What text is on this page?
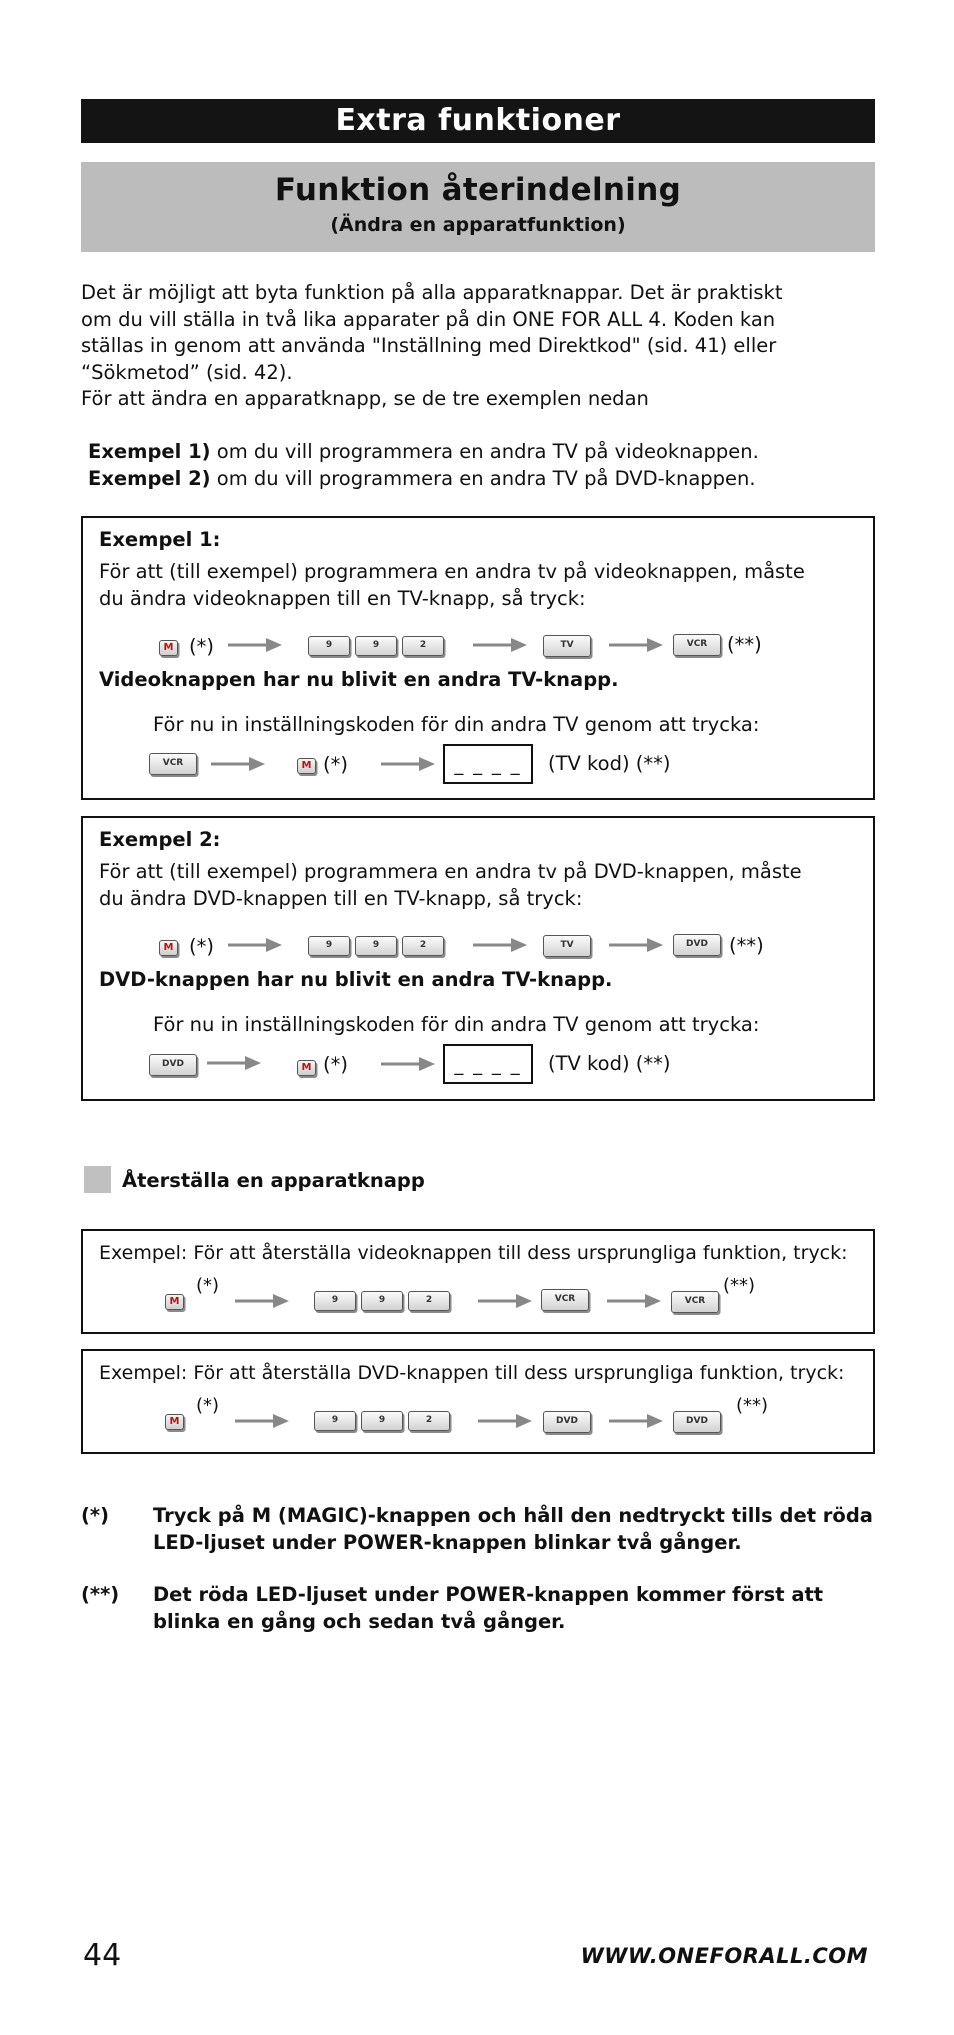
Extra funktioner
Funktion återindelning
(Ändra en apparatfunktion)

Det är möjligt att byta funktion på alla apparatknappar. Det är praktiskt

om du vill ställa in två lika apparater på din ONE FOR ALL 4. Koden kan

ställas in genom att använda "Inställning med Direktkod" (sid. 41) eller

“Sökmetod” (sid. 42).

För att ändra en apparatknapp, se de tre exemplen nedan

Exempel 1) om du vill programmera en andra TV på videoknappen.

Exempel 2) om du vill programmera en andra TV på DVD-knappen.

Exempel 1:
För att (till exempel) programmera en andra tv på videoknappen, måste
du ändra videoknappen till en TV-knapp, så tryck:
M (*)	9	9	2	TV	VCR	(**)
Videoknappen har nu blivit en andra TV-knapp.
För nu in inställningskoden för din andra TV genom att trycka:
VCR	M (*)	_ _ _ _	(TV kod) (**)
Exempel 2:
För att (till exempel) programmera en andra tv på DVD-knappen, måste
du ändra DVD-knappen till en TV-knapp, så tryck:
M (*)	9	9	2	TV	DVD	(**)
DVD-knappen har nu blivit en andra TV-knapp.
För nu in inställningskoden för din andra TV genom att trycka:
DVD	M (*)	_ _ _ _	(TV kod) (**)
Återställa en apparatknapp
Exempel: För att återställa videoknappen till dess ursprungliga funktion, tryck:
M
(*)
9	9	2	VCR	VCR
(**)
Exempel: För att återställa DVD-knappen till dess ursprungliga funktion, tryck:
M
(*)
9	9	2	DVD	DVD
(**)
(*) Tryck på M (MAGIC)-knappen och håll den nedtryckt tills det röda LED-ljuset under POWER-knappen blinkar två gånger.
(**) Det röda LED-ljuset under POWER-knappen kommer först att blinka en gång och sedan två gånger.
44	WWW.ONEFORALL.COM
